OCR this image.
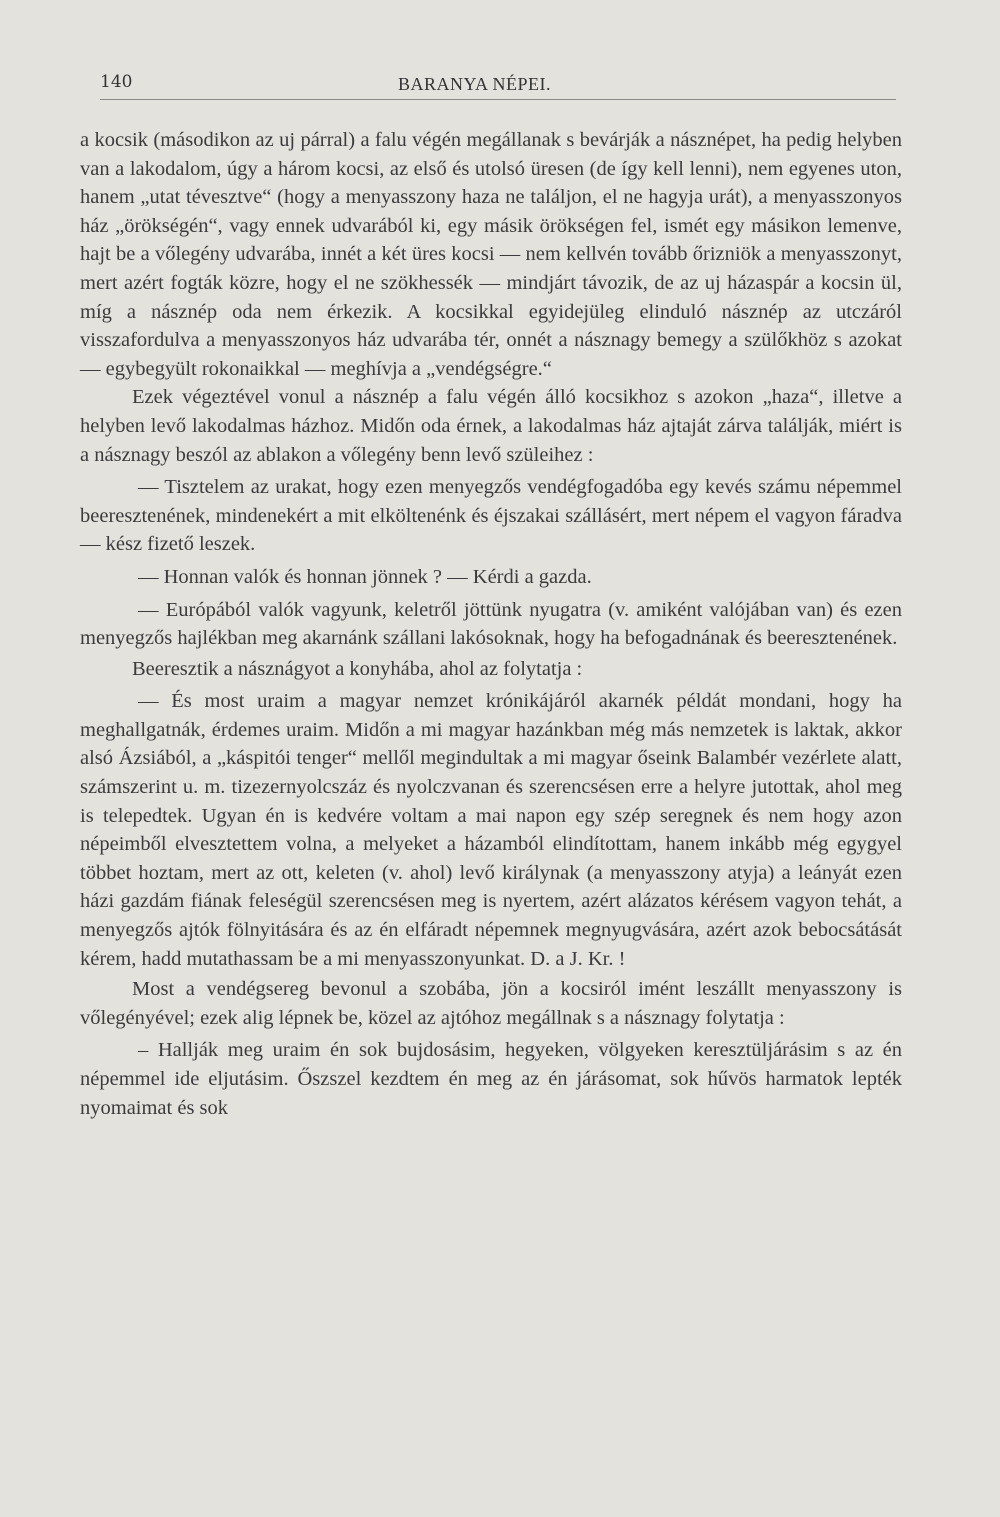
140	BARANYA NÉPEI.

a kocsik (másodikon az uj párral) a falu végén megállanak s bevárják a násznépet, ha pedig helyben van a lakodalom, úgy a három kocsi, az első és utolsó üresen (de így kell lenni), nem egyenes uton, hanem „utat tévesztve“ (hogy a menyasszony haza ne találjon, el ne hagyja urát), a menyasszonyos ház „örökségén“, vagy ennek udvarából ki, egy másik örökségen fel, ismét egy másikon lemenve, hajt be a vőlegény udvarába, innét a két üres kocsi — nem kellvén tovább őrizniök a menyasszonyt, mert azért fogták közre, hogy el ne szökhessék — mindjárt távozik, de az uj házaspár a kocsin ül, míg a násznép oda nem érkezik. A kocsikkal egyidejüleg elinduló násznép az utczáról visszafordulva a menyasszonyos ház udvarába tér, onnét a násznagy bemegy a szülőkhöz s azokat — egybegyült rokonaikkal — meghívja a „vendégségre.“

Ezek végeztével vonul a násznép a falu végén álló kocsikhoz s azokon „haza“, illetve a helyben levő lakodalmas házhoz. Midőn oda érnek, a lakodalmas ház ajtaját zárva találják, miért is a násznagy beszól az ablakon a vőlegény benn levő szüleihez :

— Tisztelem az urakat, hogy ezen menyegzős vendégfogadóba egy kevés számu népemmel beeresztenének, mindenekért a mit elköltenénk és éjszakai szállásért, mert népem el vagyon fáradva — kész fizető leszek.

— Honnan valók és honnan jönnek ? — Kérdi a gazda.

— Európából valók vagyunk, keletről jöttünk nyugatra (v. amiként valójában van) és ezen menyegzős hajlékban meg akarnánk szállani lakósoknak, hogy ha befogadnának és beeresztenének.

Beeresztik a násznágyot a konyhába, ahol az folytatja :

— És most uraim a magyar nemzet krónikájáról akarnék példát mondani, hogy ha meghallgatnák, érdemes uraim. Midőn a mi magyar hazánkban még más nemzetek is laktak, akkor alsó Ázsiából, a „káspitói tenger“ mellől megindultak a mi magyar őseink Balambér vezérlete alatt, számszerint u. m. tizezernyolcszáz és nyolczvanan és szerencsésen erre a helyre jutottak, ahol meg is telepedtek. Ugyan én is kedvére voltam a mai napon egy szép seregnek és nem hogy azon népeimből elvesztettem volna, a melyeket a házamból elindítottam, hanem inkább még egygyel többet hoztam, mert az ott, keleten (v. ahol) levő királynak (a menyasszony atyja) a leányát ezen házi gazdám fiának feleségül szerencsésen meg is nyertem, azért alázatos kérésem vagyon tehát, a menyegzős ajtók fölnyitására és az én elfáradt népemnek megnyugvására, azért azok bebocsátását kérem, hadd mutathassam be a mi menyasszonyunkat. D. a J. Kr. !

Most a vendégsereg bevonul a szobába, jön a kocsiról imént leszállt menyasszony is vőlegényével; ezek alig lépnek be, közel az ajtóhoz megállnak s a násznagy folytatja :

– Hallják meg uraim én sok bujdosásim, hegyeken, völgyeken keresztüljárásim s az én népemmel ide eljutásim. Őszszel kezdtem én meg az én járásomat, sok hűvös harmatok lepték nyomaimat és sok
